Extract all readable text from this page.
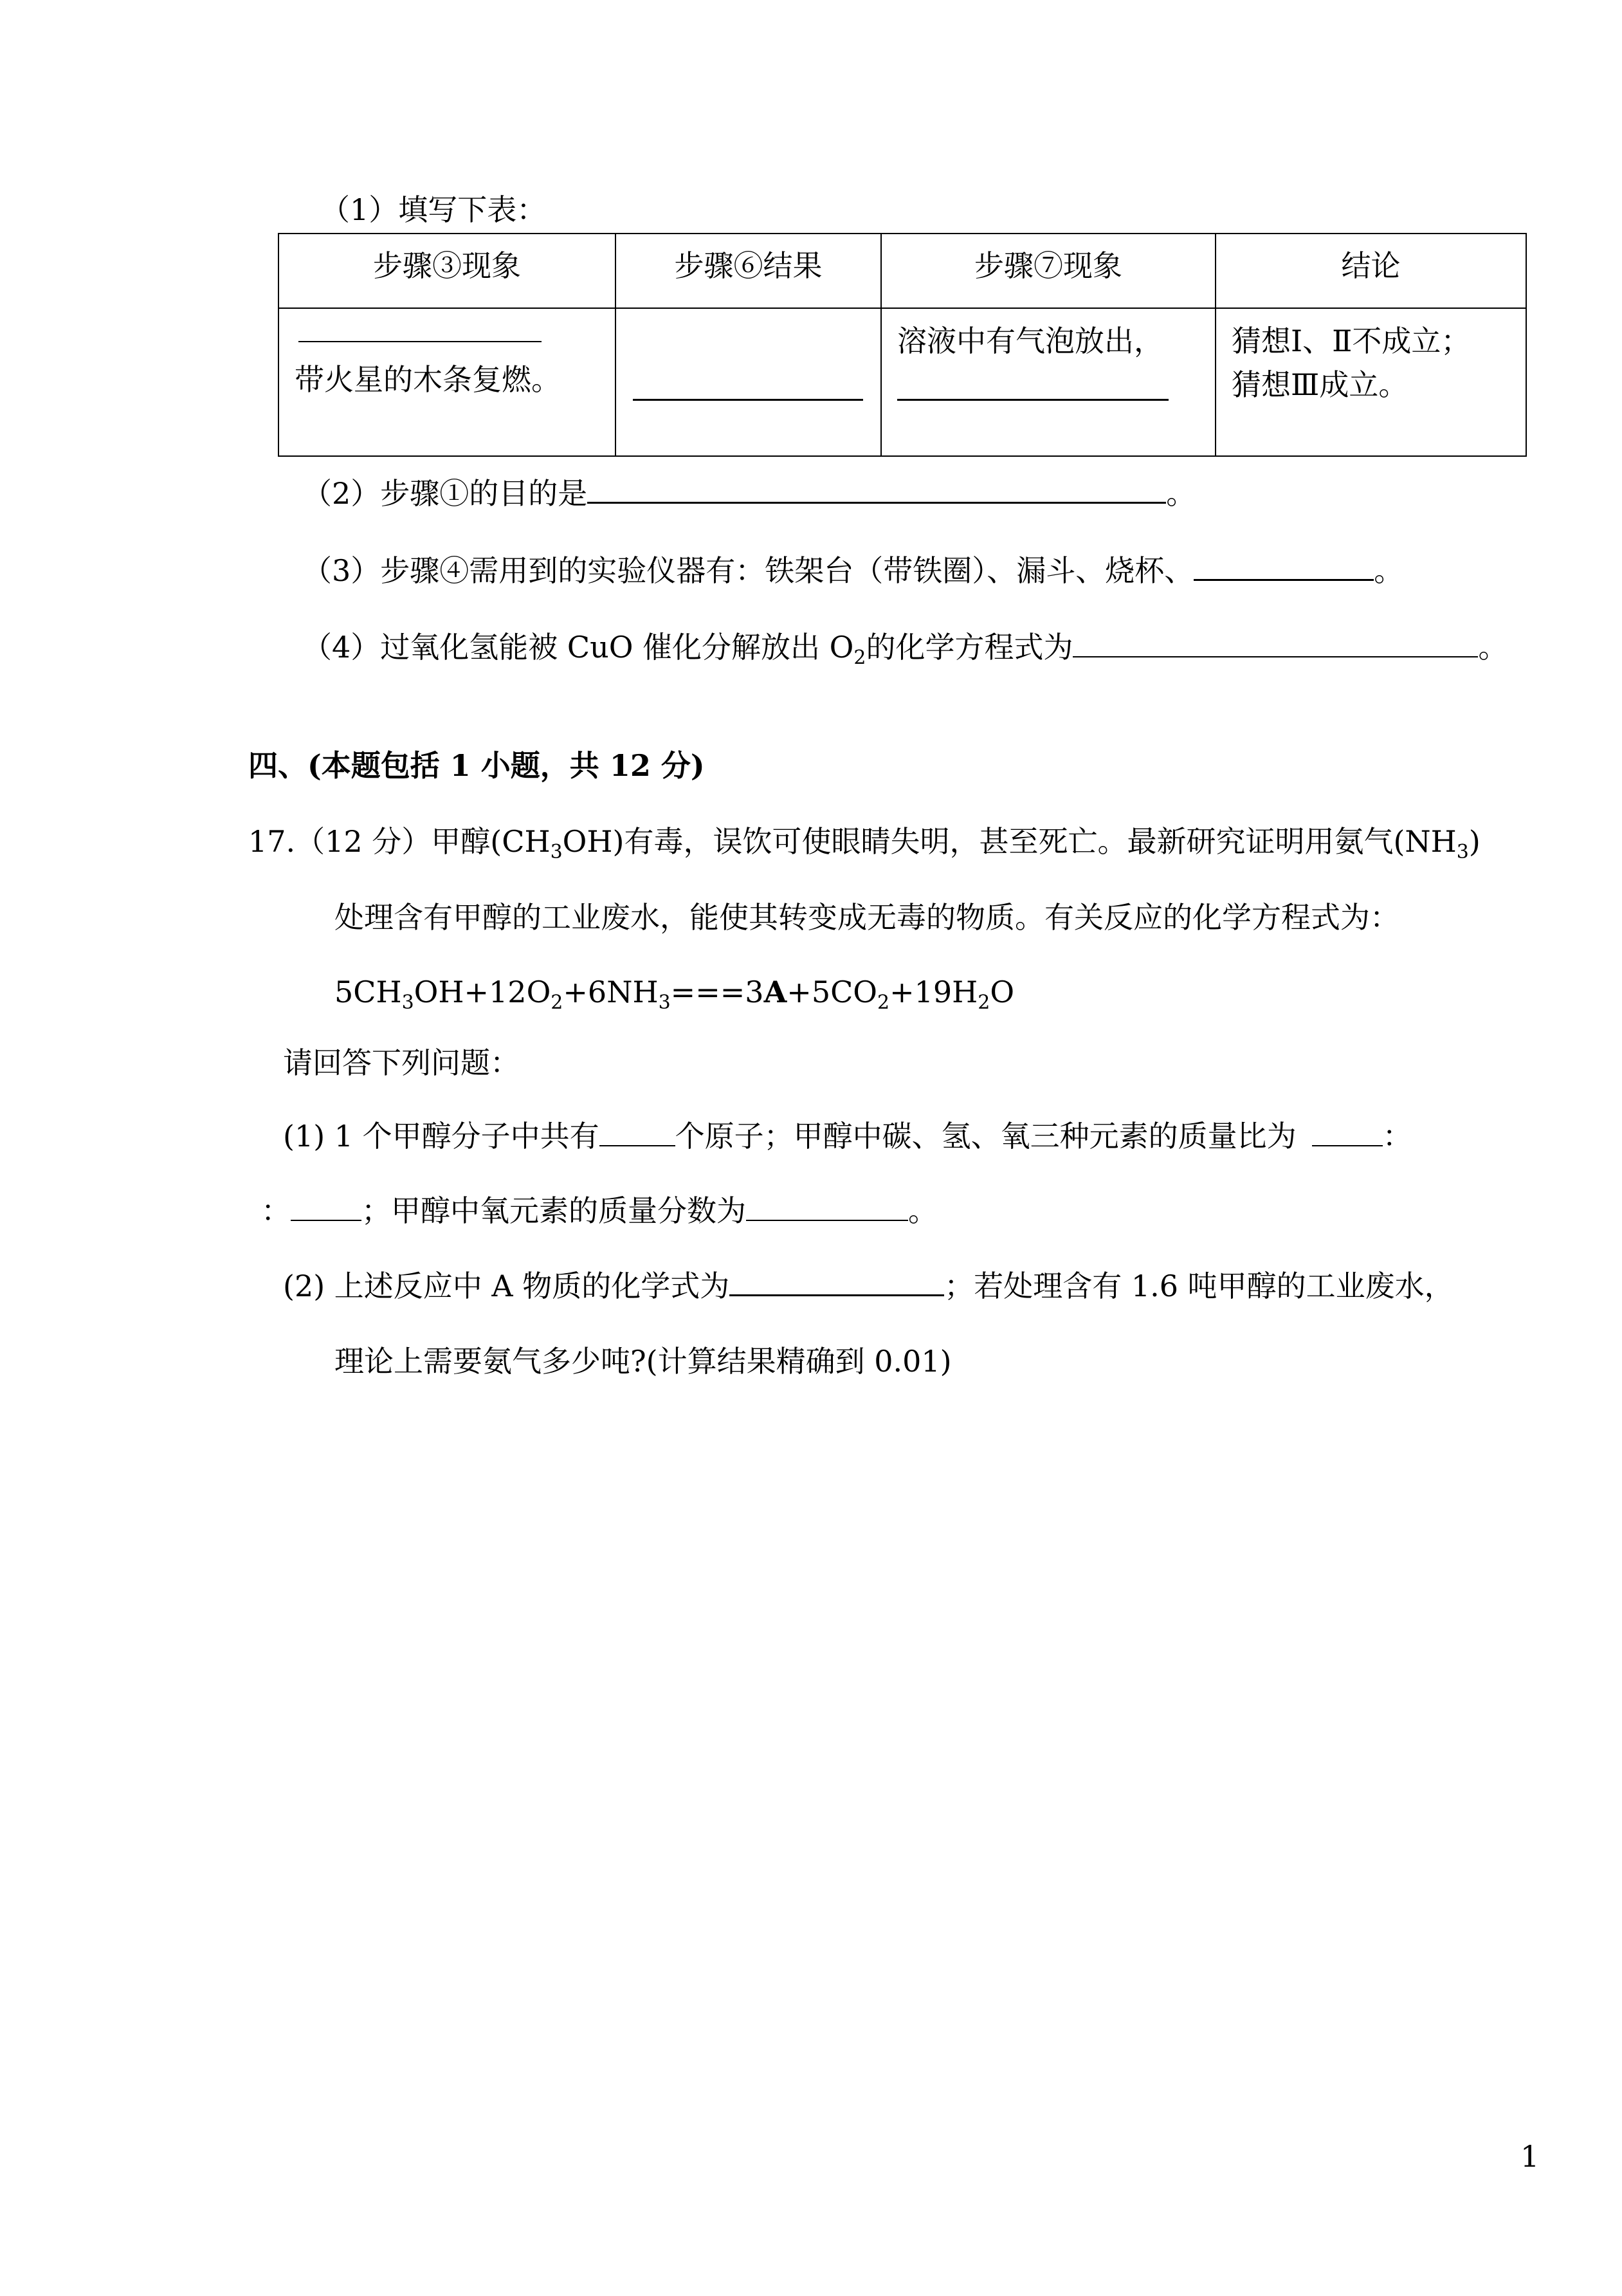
（1）填写下表：
步骤③现象	步骤⑥结果	步骤⑦现象	结论

带火星的木条复燃。		溶液中有气泡放出，	猜想Ⅰ、Ⅱ不成立；
猜想Ⅲ成立。
（2）步骤①的目的是	。
（3）步骤④需用到的实验仪器有：铁架台（带铁圈）、漏斗、烧杯、	。
（4）过氧化氢能被 CuO 催化分解放出 $O_2$的化学方程式为	。
四、(本题包括 1 小题，共 12 分)
17.（12 分）甲醇$(CH_3OH)$有毒，误饮可使眼睛失明，甚至死亡。最新研究证明用氨气$(NH_3)$
处理含有甲醇的工业废水，能使其转变成无毒的物质。有关反应的化学方程式为：
$5CH_3OH+12O_2+6NH_3===3A+5CO_2+19H_2O$
请回答下列问题：
(1) 1 个甲醇分子中共有	个原子；甲醇中碳、氢、氧三种元素的质量比为	：
： ；甲醇中氧元素的质量分数为	。
(2) 上述反应中 A 物质的化学式为	；若处理含有 1.6 吨甲醇的工业废水，
理论上需要氨气多少吨?(计算结果精确到 0.01)
1
